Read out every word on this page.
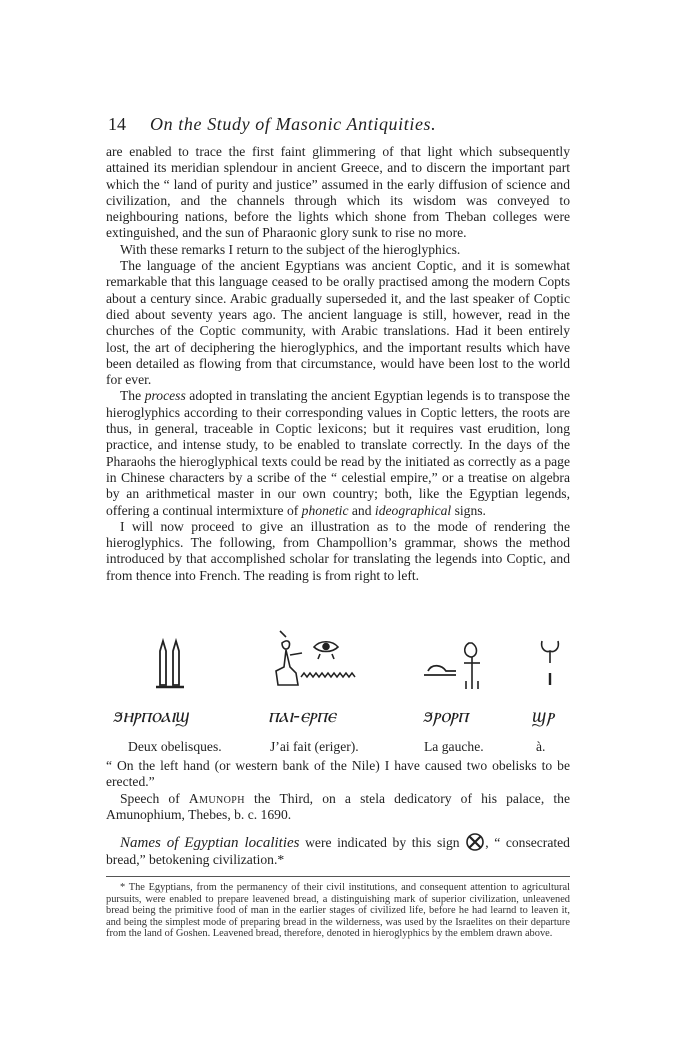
14 On the Study of Masonic Antiquities.

are enabled to trace the first faint glimmering of that light which subsequently attained its meridian splendour in ancient Greece, and to discern the important part which the “ land of purity and justice” assumed in the early diffusion of science and civilization, and the channels through which its wisdom was conveyed to neighbouring nations, before the lights which shone from Theban colleges were extinguished, and the sun of Pharaonic glory sunk to rise no more.

With these remarks I return to the subject of the hieroglyphics.

The language of the ancient Egyptians was ancient Coptic, and it is somewhat remarkable that this language ceased to be orally practised among the modern Copts about a century since. Arabic gradually superseded it, and the last speaker of Coptic died about seventy years ago. The ancient language is still, however, read in the churches of the Coptic community, with Arabic translations. Had it been entirely lost, the art of deciphering the hieroglyphics, and the important results which have been detailed as flowing from that circumstance, would have been lost to the world for ever.

The process adopted in translating the ancient Egyptian legends is to transpose the hieroglyphics according to their corresponding values in Coptic letters, the roots are thus, in general, traceable in Coptic lexicons; but it requires vast erudition, long practice, and intense study, to be enabled to translate correctly. In the days of the Pharaohs the hieroglyphical texts could be read by the initiated as correctly as a page in Chinese characters by a scribe of the “ celestial empire,” or a treatise on algebra by an arithmetical master in our own country; both, like the Egyptian legends, offering a continual intermixture of phonetic and ideographical signs.

I will now proceed to give an illustration as to the mode of rendering the hieroglyphics. The following, from Champollion’s grammar, shows the method introduced by that accomplished scholar for translating the legends into Coptic, and from thence into French. The reading is from right to left.

ϧⲏⲣⲡⲟⲁⲓϣ	ⲡⲁⲓ-ⲉⲣⲡⲉ	ϧⲣⲟⲣⲡ	ϣⲣ
Deux obelisques.	J’ai fait (eriger).	La gauche.	à.

“ On the left hand (or western bank of the Nile) I have caused two obelisks to be erected.”

Speech of Amunoph the Third, on a stela dedicatory of his palace, the Amunophium, Thebes, b. c. 1690.

Names of Egyptian localities were indicated by this sign , “ consecrated bread,” betokening civilization.*

* The Egyptians, from the permanency of their civil institutions, and consequent attention to agricultural pursuits, were enabled to prepare leavened bread, a distinguishing mark of superior civilization, unleavened bread being the primitive food of man in the earlier stages of civilized life, before he had learnd to leaven it, and being the simplest mode of preparing bread in the wilderness, was used by the Israelites on their departure from the land of Goshen. Leavened bread, therefore, denoted in hieroglyphics by the emblem drawn above.
